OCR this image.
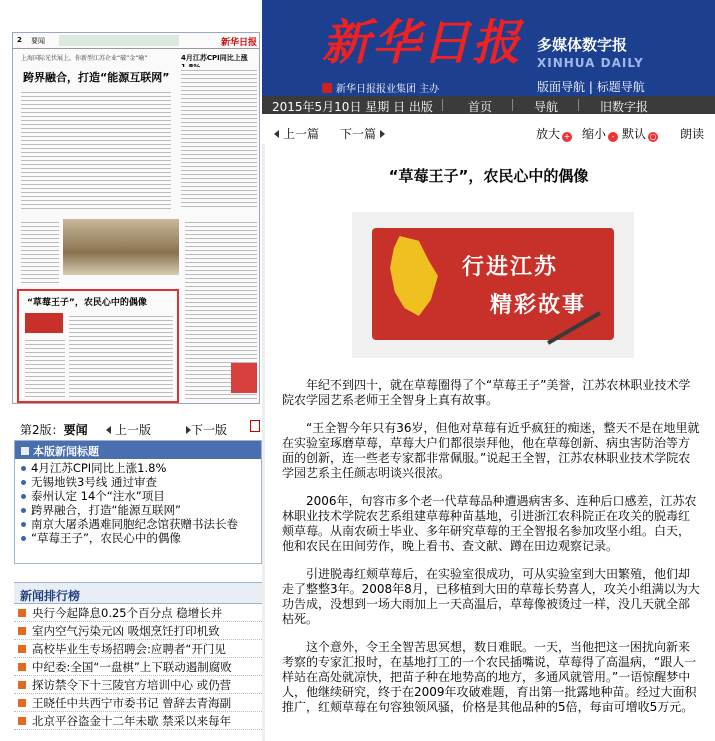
2 要闻	新华日报
上海国际光伏展上，你新型江苏企业“破”金“喻”	4月江苏CPI同比上涨
跨界融合，打造“能源互联网”
“草莓王子”，农民心中的偶像
第2版：要闻	上一版	下一版
本版新闻标题
4月江苏CPI同比上涨1.8%
无锡地铁3号线 通过审查
泰州认定 14个“注水”项目
跨界融合，打造“能源互联网”
南京大屠杀遇难同胞纪念馆获赠书法长卷
“草莓王子”，农民心中的偶像
新闻排行榜
央行今起降息0.25个百分点 稳增长并
室内空气污染元凶 吸烟烹饪打印机致
高校毕业生专场招聘会:应聘者“开门见
中纪委:全国“一盘棋”上下联动遏制腐败
探访禁令下十三陵官方培训中心 或仍营
王晓任中共西宁市委书记 曾辞去青海副
北京平谷盗金十二年未歇 禁采以来每年
新华日报
新华日报报业集团 主办
多媒体数字报
XINHUA DAILY
版面导航 | 标题导航
2015年5月10日 星期 日 出版	首页	导航	旧数字报
上一篇 下一篇	放大 + 缩小 - 默认 ○ 朗读
“草莓王子”，农民心中的偶像
行进江苏
精彩故事

年纪不到四十，就在草莓圈得了个“草莓王子”美誉，江苏农林职业技术学院农学园艺系老师王全智身上真有故事。

“王全智今年只有36岁，但他对草莓有近乎疯狂的痴迷，整天不是在地里就在实验室琢磨草莓，草莓大户们都很崇拜他，他在草莓创新、病虫害防治等方面的创新，连一些老专家都非常佩服。”说起王全智，江苏农林职业技术学院农学园艺系主任颜志明谈兴很浓。

2006年，句容市多个老一代草莓品种遭遇病害多、连种后口感差，江苏农林职业技术学院农艺系组建草莓种苗基地，引进浙江农科院正在攻关的脱毒红颊草莓。从南农硕士毕业、多年研究草莓的王全智报名参加攻坚小组。白天，他和农民在田间劳作，晚上看书、查文献、蹲在田边观察记录。

引进脱毒红颊草莓后，在实验室很成功，可从实验室到大田繁殖，他们却走了整整3年。2008年8月，已移植到大田的草莓长势喜人，攻关小组满以为大功告成，没想到一场大雨加上一天高温后，草莓像被烫过一样，没几天就全部枯死。

这个意外，令王全智苦思冥想，数日难眠。一天，当他把这一困扰向新来考察的专家汇报时，在基地打工的一个农民插嘴说，草莓得了高温病，“跟人一样站在高处就凉快，把苗子种在地势高的地方，多通风就管用。”一语惊醒梦中人，他继续研究，终于在2009年攻破难题，育出第一批露地种苗。经过大面积推广，红颊草莓在句容独领风骚，价格是其他品种的5倍，每亩可增收5万元。
